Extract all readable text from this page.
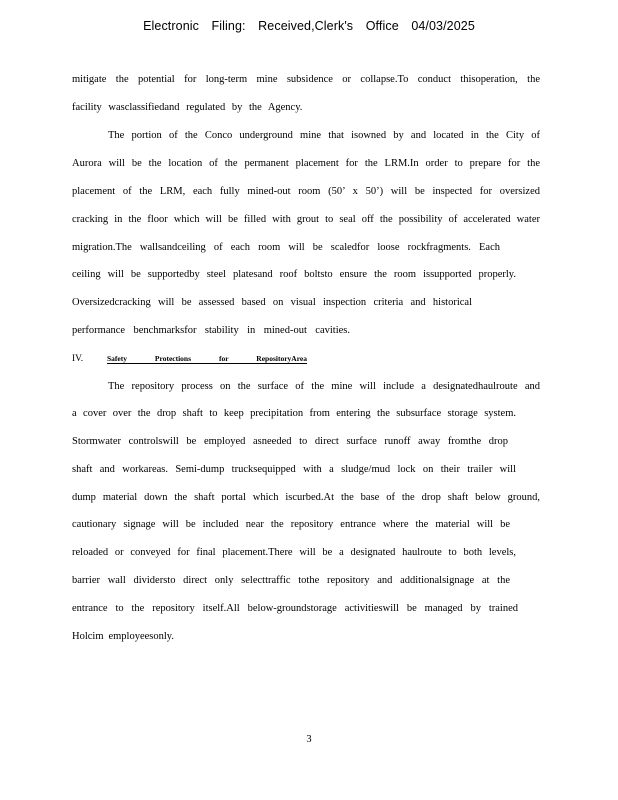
Electronic Filing: Received,Clerk's Office 04/03/2025
mitigate the potential for long-term mine subsidence or collapse.To conduct thisoperation, the
facility wasclassifiedand regulated by the Agency.
The portion of the Conco underground mine that isowned by and located in the City of
Aurora will be the location of the permanent placement for the LRM.In order to prepare for the
placement of the LRM, each fully mined-out room (50’ x 50’) will be inspected for oversized
cracking in the floor which will be filled with grout to seal off the possibility of accelerated water
migration.The wallsandceiling of each room will be scaledfor loose rockfragments. Each
ceiling will be supportedby steel platesand roof boltsto ensure the room issupported properly.
Oversizedcracking will be assessed based on visual inspection criteria and historical
performance benchmarksfor stability in mined-out cavities.
IV.	Safety Protections for RepositoryArea
The repository process on the surface of the mine will include a designatedhaulroute and
a cover over the drop shaft to keep precipitation from entering the subsurface storage system.
Stormwater controlswill be employed asneeded to direct surface runoff away fromthe drop
shaft and workareas. Semi-dump trucksequipped with a sludge/mud lock on their trailer will
dump material down the shaft portal which iscurbed.At the base of the drop shaft below ground,
cautionary signage will be included near the repository entrance where the material will be
reloaded or conveyed for final placement.There will be a designated haulroute to both levels,
barrier wall dividersto direct only selecttraffic tothe repository and additionalsignage at the
entrance to the repository itself.All below-groundstorage activitieswill be managed by trained
Holcim employeesonly.
3
